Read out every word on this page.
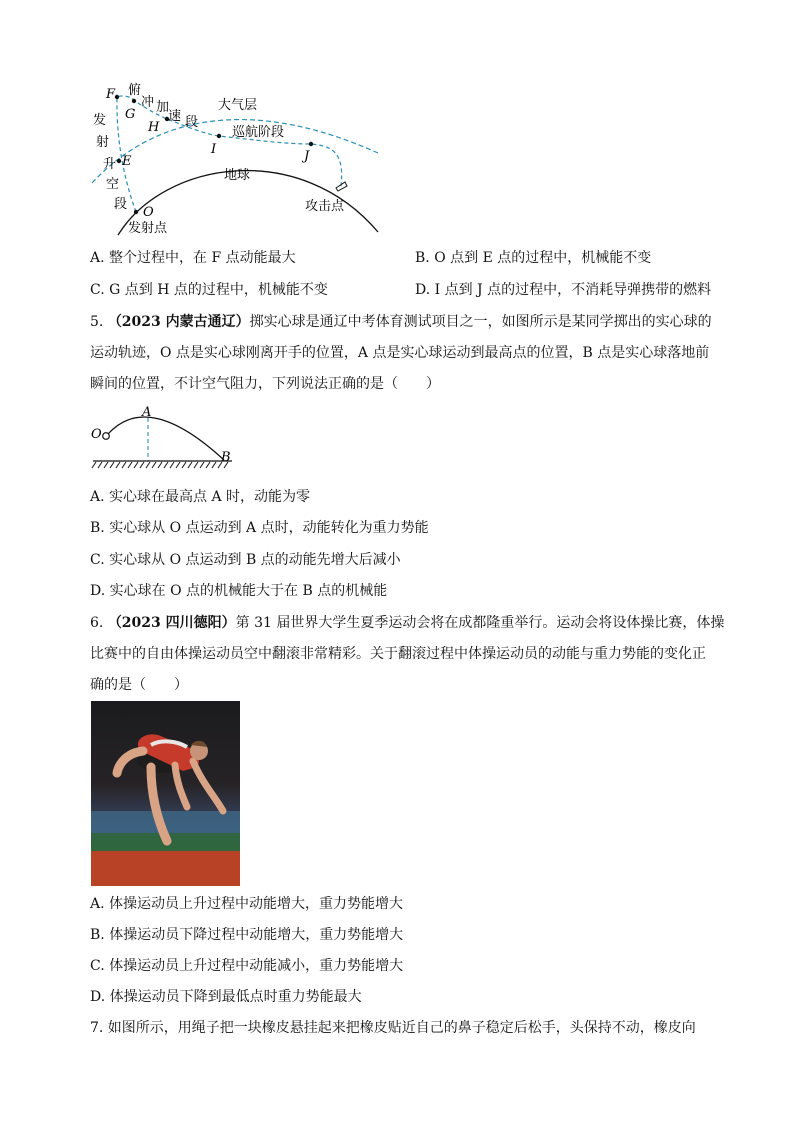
F
G
H
I	J
E
O
俯
冲 加
速 段
大气层
巡航阶段
发
射
升
空
段
地球
攻击点
发射点
A. 整个过程中，在 F 点动能最大	B. O 点到 E 点的过程中，机械能不变
C. G 点到 H 点的过程中，机械能不变	D. I 点到 J 点的过程中，不消耗导弹携带的燃料
5. （2023 内蒙古通辽）掷实心球是通辽中考体育测试项目之一，如图所示是某同学掷出的实心球的
运动轨迹，O 点是实心球刚离开手的位置，A 点是实心球运动到最高点的位置，B 点是实心球落地前
瞬间的位置，不计空气阻力，下列说法正确的是（　　）
O
A
B
A. 实心球在最高点 A 时，动能为零
B. 实心球从 O 点运动到 A 点时，动能转化为重力势能
C. 实心球从 O 点运动到 B 点的动能先增大后减小
D. 实心球在 O 点的机械能大于在 B 点的机械能
6. （2023 四川德阳）第 31 届世界大学生夏季运动会将在成都隆重举行。运动会将设体操比赛，体操
比赛中的自由体操运动员空中翻滚非常精彩。关于翻滚过程中体操运动员的动能与重力势能的变化正
确的是（　　）
A. 体操运动员上升过程中动能增大，重力势能增大
B. 体操运动员下降过程中动能增大，重力势能增大
C. 体操运动员上升过程中动能减小，重力势能增大
D. 体操运动员下降到最低点时重力势能最大
7. 如图所示，用绳子把一块橡皮悬挂起来把橡皮贴近自己的鼻子稳定后松手，头保持不动，橡皮向
